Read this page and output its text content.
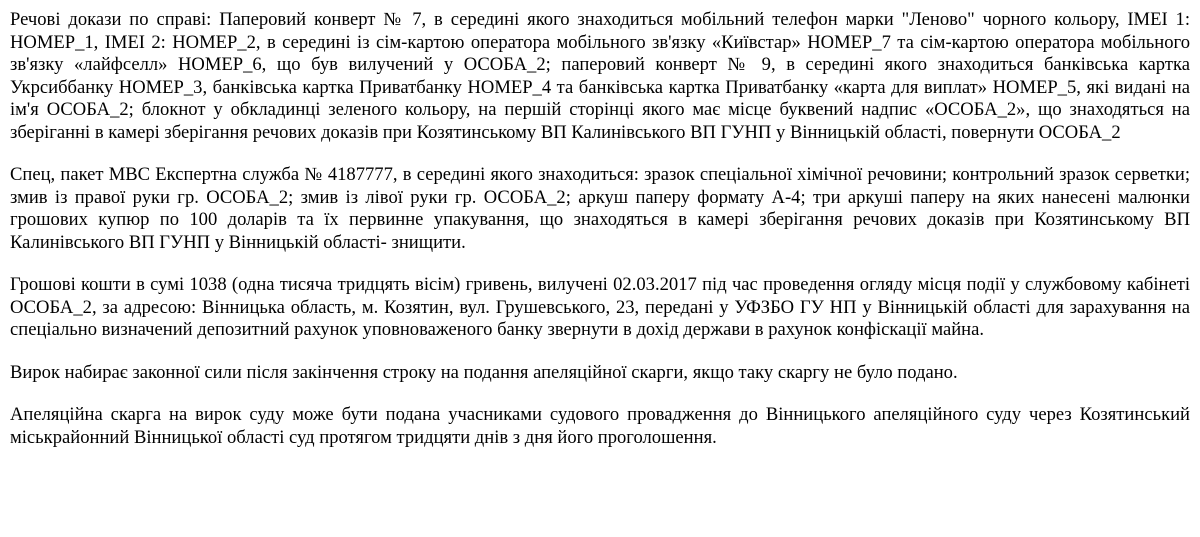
Речові докази по справі: Паперовий конверт № 7, в середині якого знаходиться мобільний телефон марки "Леново" чорного кольору, IMEI 1: НОМЕР_1, IMEI 2: НОМЕР_2, в середині із сім-картою оператора мобільного зв'язку «Київстар» НОМЕР_7 та сім-картою оператора мобільного зв'язку «лайфселл» НОМЕР_6, що був вилучений у ОСОБА_2; паперовий конверт № 9, в середині якого знаходиться банківська картка Укрсиббанку НОМЕР_3, банківська картка Приватбанку НОМЕР_4 та банківська картка Приватбанку «карта для виплат» НОМЕР_5, які видані на ім'я ОСОБА_2; блокнот у обкладинці зеленого кольору, на першій сторінці якого має місце буквений надпис «ОСОБА_2», що знаходяться на зберіганні в камері зберігання речових доказів при Козятинському ВП Калинівського ВП ГУНП у Вінницькій області, повернути ОСОБА_2

Спец, пакет МВС Експертна служба № 4187777, в середині якого знаходиться: зразок спеціальної хімічної речовини; контрольний зразок серветки; змив із правої руки гр. ОСОБА_2; змив із лівої руки гр. ОСОБА_2; аркуш паперу формату А-4; три аркуші паперу на яких нанесені малюнки грошових купюр по 100 доларів та їх первинне упакування, що знаходяться в камері зберігання речових доказів при Козятинському ВП Калинівського ВП ГУНП у Вінницькій області- знищити.

Грошові кошти в сумі 1038 (одна тисяча тридцять вісім) гривень, вилучені 02.03.2017 під час проведення огляду місця події у службовому кабінеті ОСОБА_2, за адресою: Вінницька область, м. Козятин, вул. Грушевського, 23, передані у УФЗБО ГУ НП у Вінницькій області для зарахування на спеціально визначений депозитний рахунок уповноваженого банку звернути в дохід держави в рахунок конфіскації майна.

Вирок набирає законної сили після закінчення строку на подання апеляційної скарги, якщо таку скаргу не було подано.

Апеляційна скарга на вирок суду може бути подана учасниками судового провадження до Вінницького апеляційного суду через Козятинський міськрайонний Вінницької області суд протягом тридцяти днів з дня його проголошення.
